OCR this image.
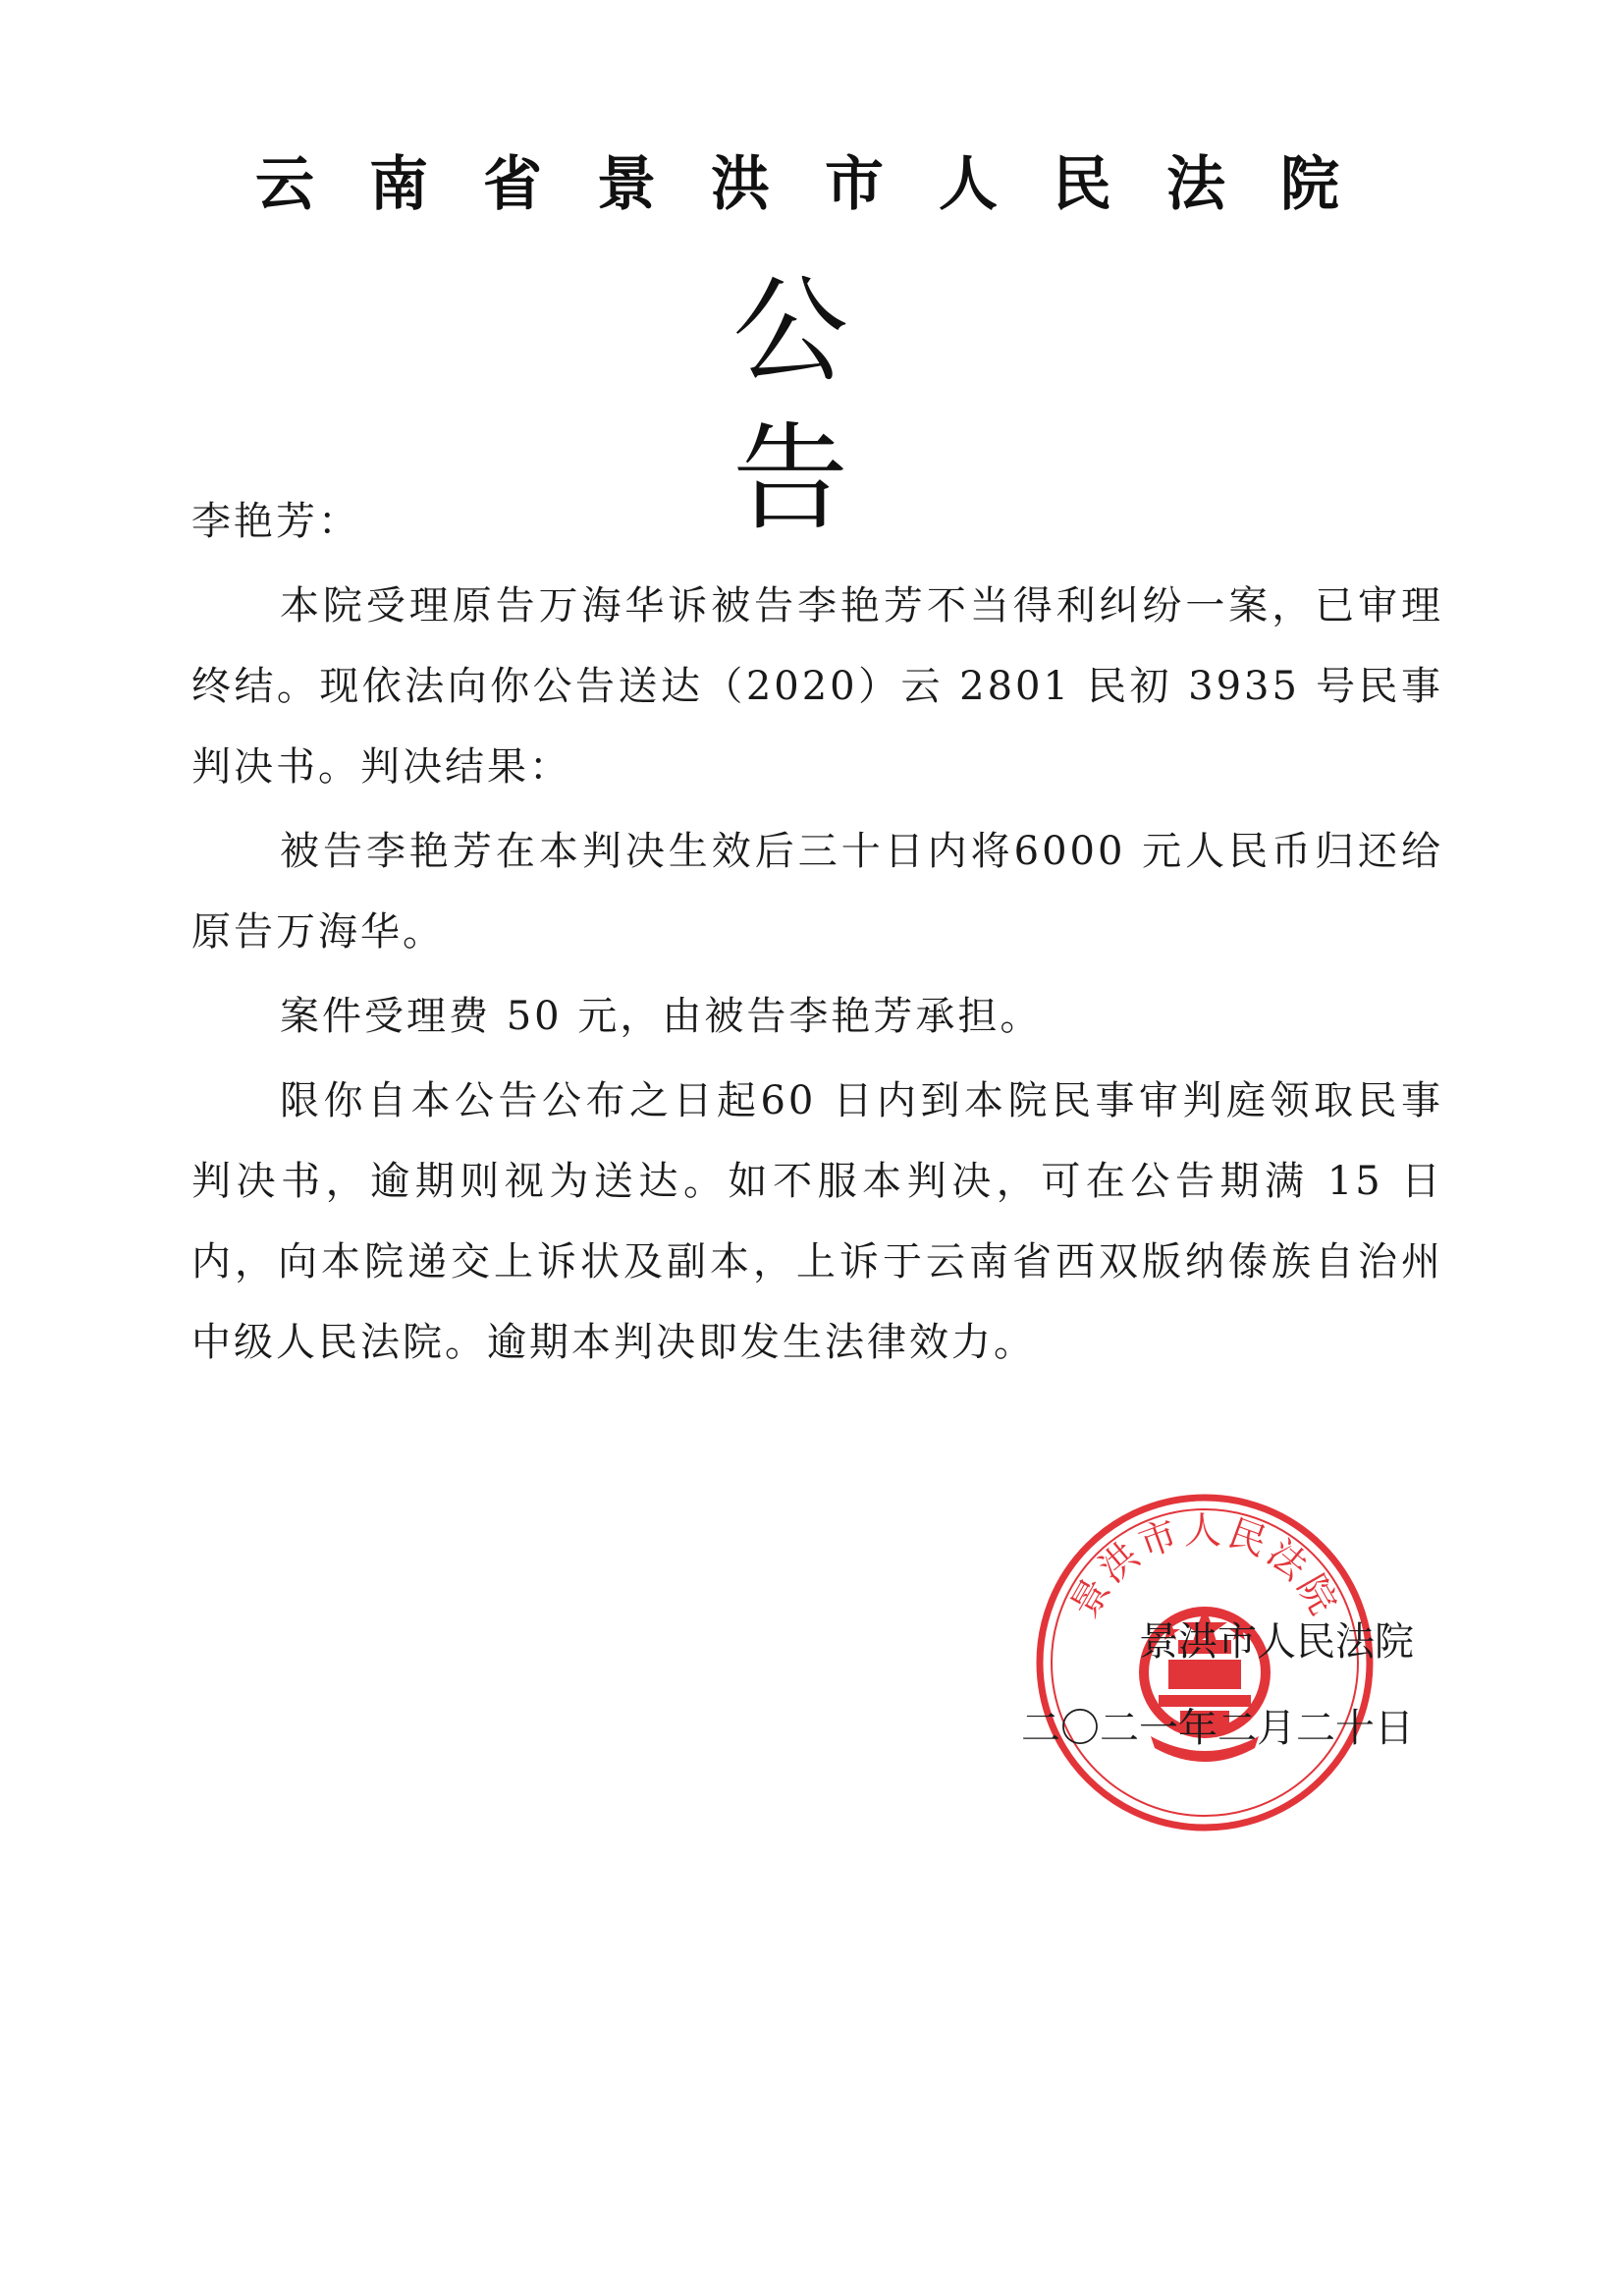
云南省景洪市人民法院
公告

李艳芳：

本院受理原告万海华诉被告李艳芳不当得利纠纷一案，已审理终结。现依法向你公告送达（2020）云 2801 民初 3935 号民事判决书。判决结果：

被告李艳芳在本判决生效后三十日内将6000 元人民币归还给原告万海华。

案件受理费 50 元，由被告李艳芳承担。

限你自本公告公布之日起60 日内到本院民事审判庭领取民事判决书，逾期则视为送达。如不服本判决，可在公告期满 15 日内，向本院递交上诉状及副本，上诉于云南省西双版纳傣族自治州中级人民法院。逾期本判决即发生法律效力。

景洪市人民法院
景洪市人民法院
二〇二一年二月二十日
